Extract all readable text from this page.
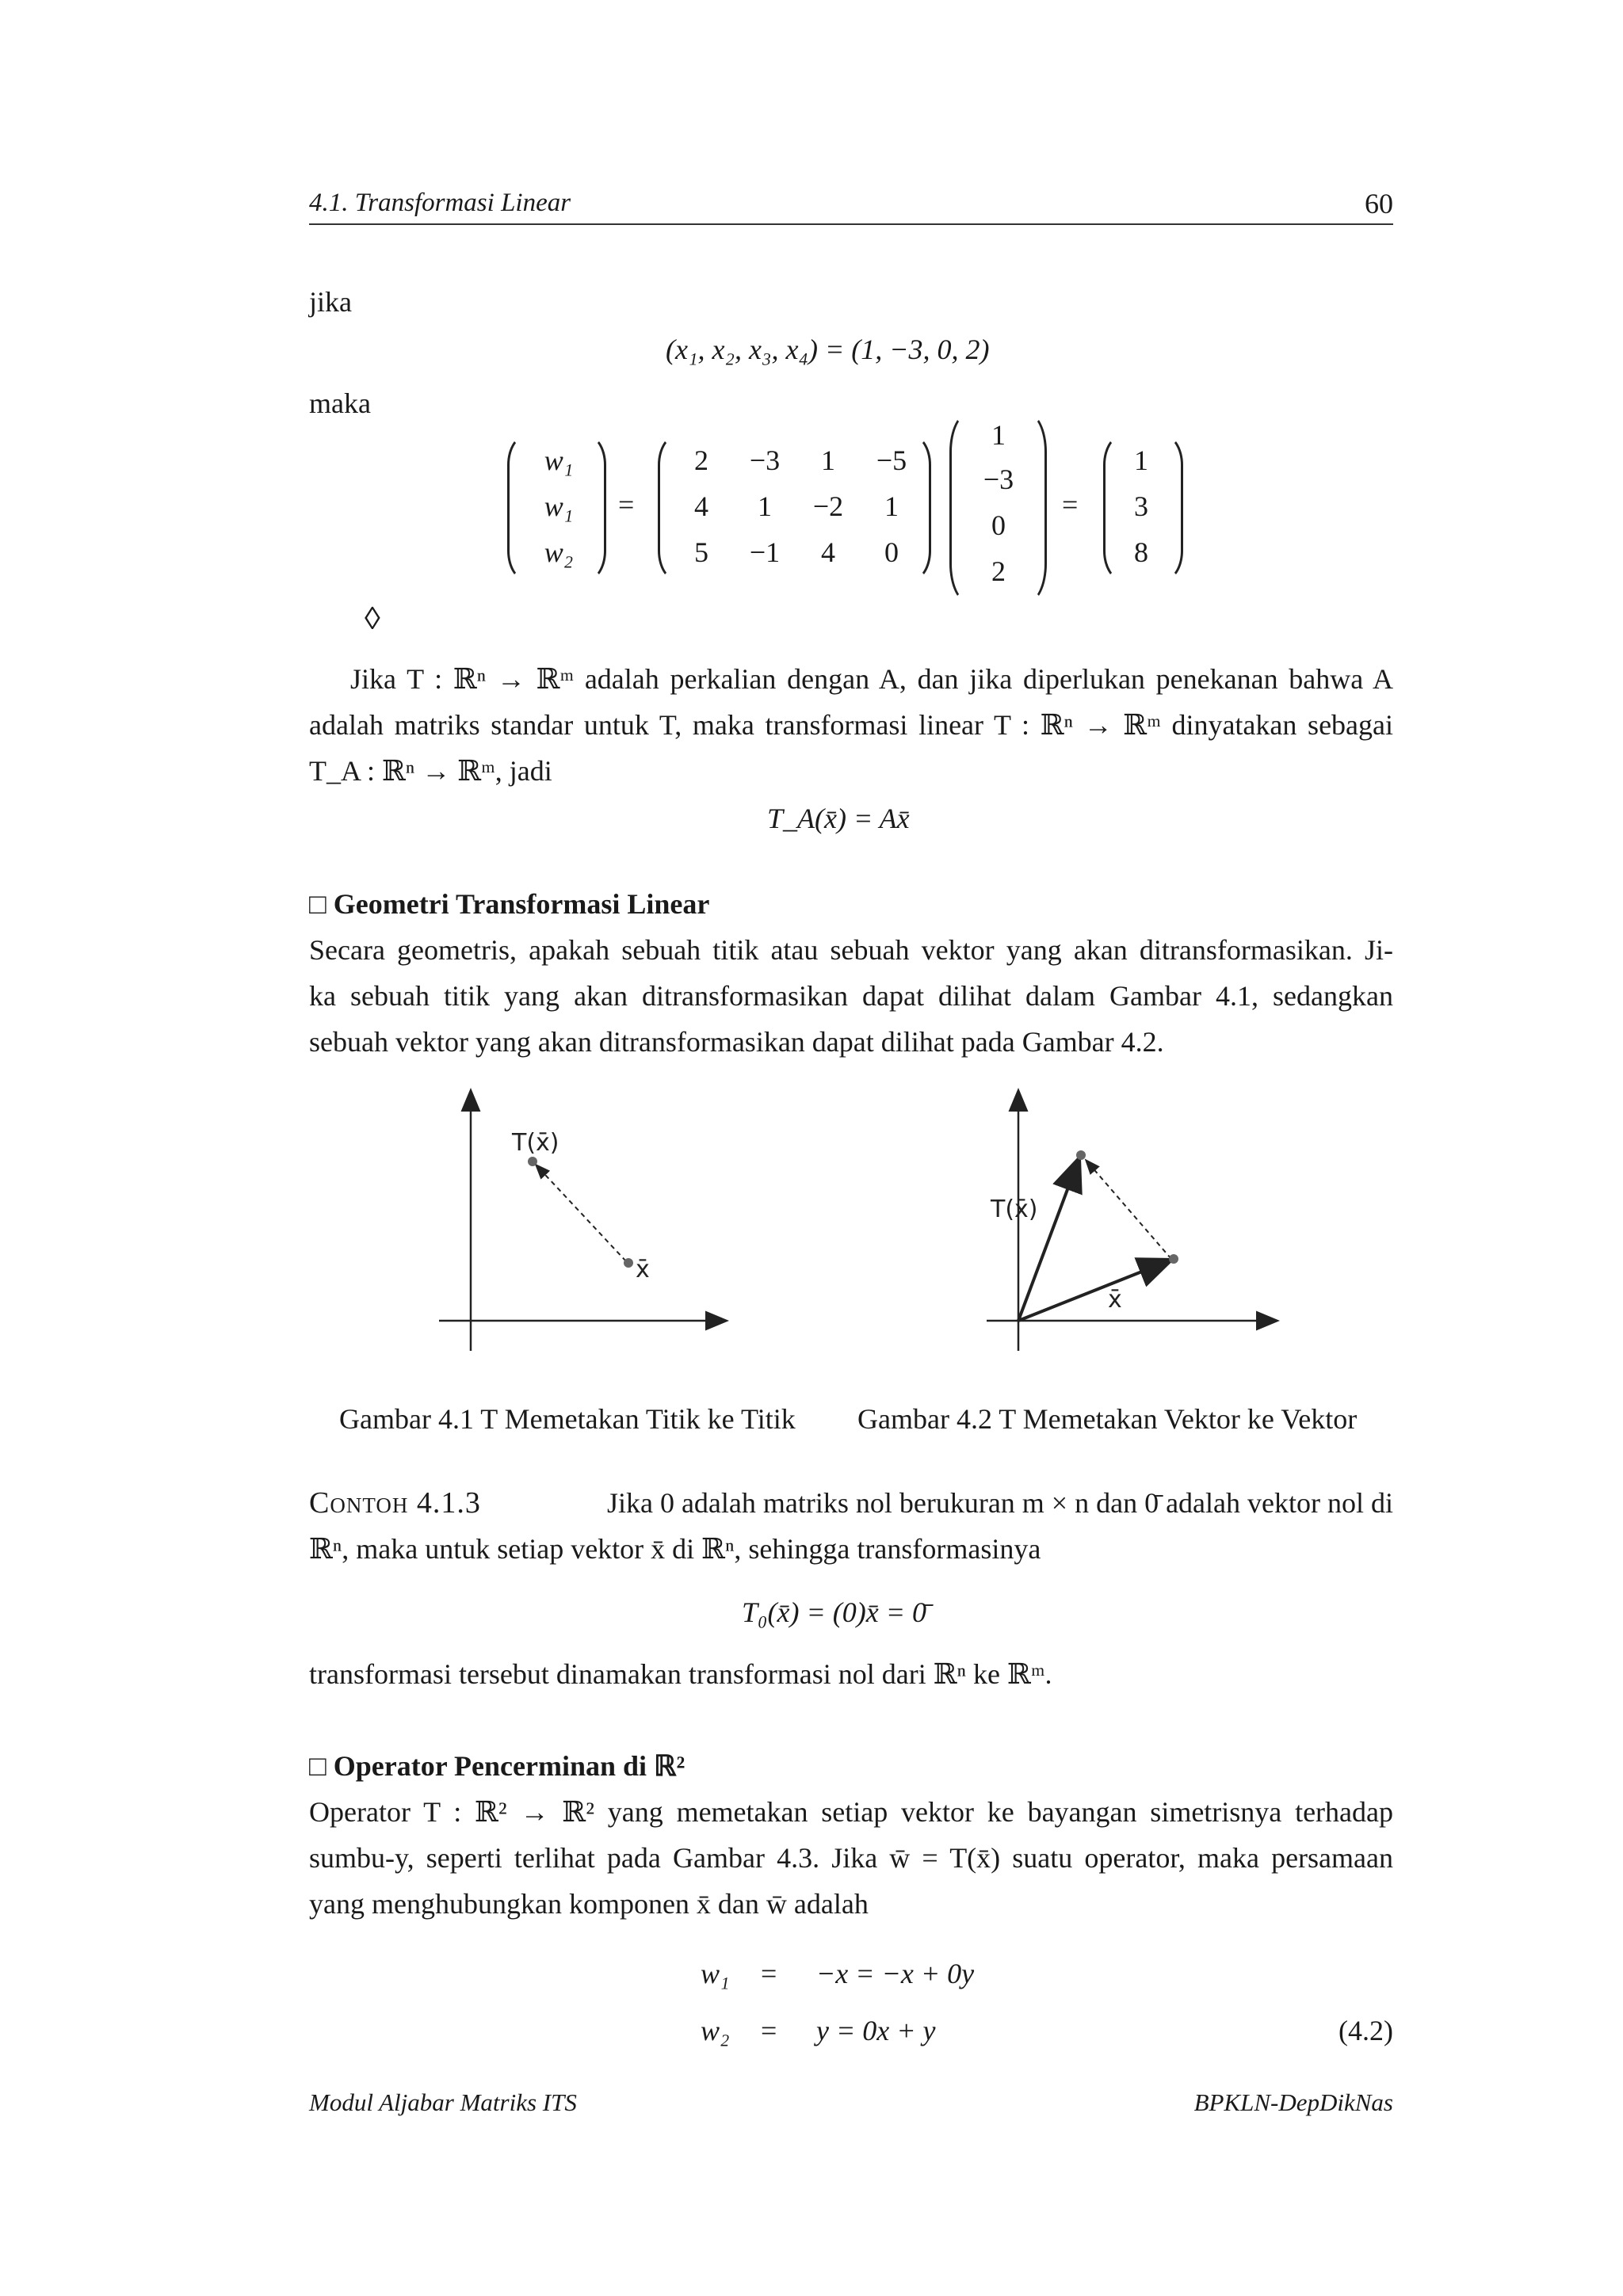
4.1. Transformasi Linear	60
jika
(x₁, x₂, x₃, x₄) = (1, −3, 0, 2)
maka
w₁
w₁
w₂
=
2	−3	1	−5
4	1	−2	1
5	−1	4	0
1
−3
0
2
=
1
3
8
◊
Jika T : ℝⁿ → ℝᵐ adalah perkalian dengan A, dan jika diperlukan penekanan bahwa A
adalah matriks standar untuk T, maka transformasi linear T : ℝⁿ → ℝᵐ dinyatakan sebagai
T_A : ℝⁿ → ℝᵐ, jadi
T_A(x̄) = Ax̄
□ Geometri Transformasi Linear
Secara geometris, apakah sebuah titik atau sebuah vektor yang akan ditransformasikan. Ji-
ka sebuah titik yang akan ditransformasikan dapat dilihat dalam Gambar 4.1, sedangkan
sebuah vektor yang akan ditransformasikan dapat dilihat pada Gambar 4.2.
T(x̄)
x̄
Gambar 4.1 T Memetakan Titik ke Titik
T(x̄)
x̄
Gambar 4.2 T Memetakan Vektor ke Vektor
Contoh 4.1.3	Jika 0 adalah matriks nol berukuran m × n dan 0̄ adalah vektor nol di
ℝⁿ, maka untuk setiap vektor x̄ di ℝⁿ, sehingga transformasinya
T₀(x̄) = (0)x̄ = 0̄
transformasi tersebut dinamakan transformasi nol dari ℝⁿ ke ℝᵐ.
□ Operator Pencerminan di ℝ²
Operator T : ℝ² → ℝ² yang memetakan setiap vektor ke bayangan simetrisnya terhadap
sumbu-y, seperti terlihat pada Gambar 4.3. Jika w̄ = T(x̄) suatu operator, maka persamaan
yang menghubungkan komponen x̄ dan w̄ adalah
w₁ = −x = −x + 0y
w₂ = y = 0x + y	(4.2)
Modul Aljabar Matriks ITS	BPKLN-DepDikNas
